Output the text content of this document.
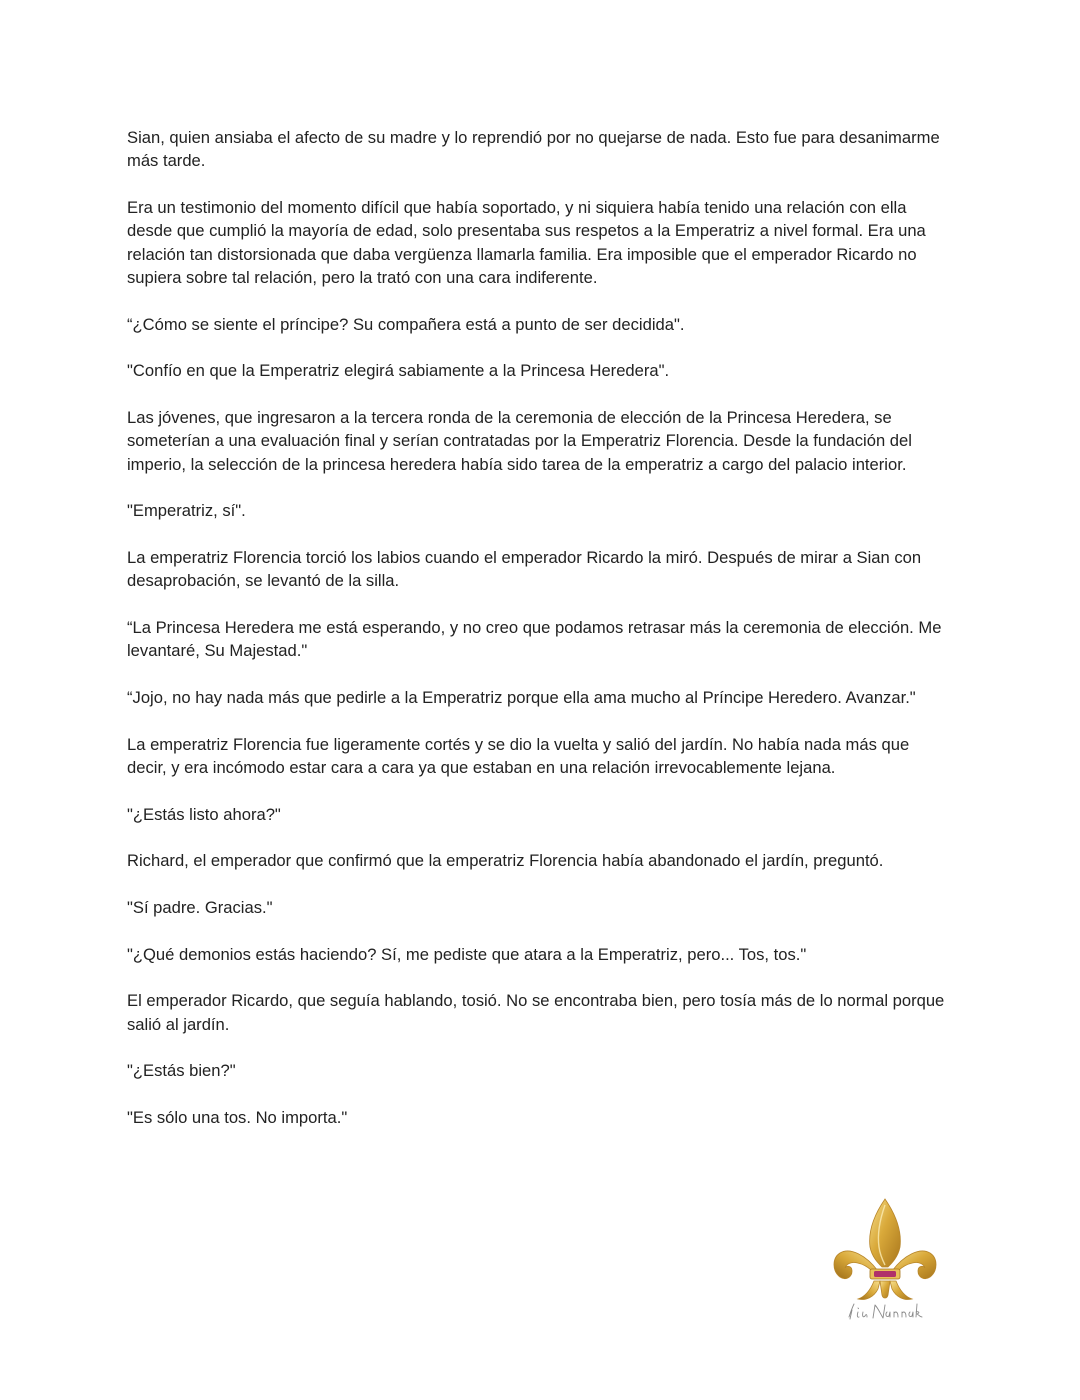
Sian, quien ansiaba el afecto de su madre y lo reprendió por no quejarse de nada. Esto fue para desanimarme más tarde.

Era un testimonio del momento difícil que había soportado, y ni siquiera había tenido una relación con ella desde que cumplió la mayoría de edad, solo presentaba sus respetos a la Emperatriz a nivel formal. Era una relación tan distorsionada que daba vergüenza llamarla familia. Era imposible que el emperador Ricardo no supiera sobre tal relación, pero la trató con una cara indiferente.

“¿Cómo se siente el príncipe? Su compañera está a punto de ser decidida".

"Confío en que la Emperatriz elegirá sabiamente a la Princesa Heredera".

Las jóvenes, que ingresaron a la tercera ronda de la ceremonia de elección de la Princesa Heredera, se someterían a una evaluación final y serían contratadas por la Emperatriz Florencia. Desde la fundación del imperio, la selección de la princesa heredera había sido tarea de la emperatriz a cargo del palacio interior.

"Emperatriz, sí".

La emperatriz Florencia torció los labios cuando el emperador Ricardo la miró. Después de mirar a Sian con desaprobación, se levantó de la silla.

“La Princesa Heredera me está esperando, y no creo que podamos retrasar más la ceremonia de elección. Me levantaré, Su Majestad."

“Jojo, no hay nada más que pedirle a la Emperatriz porque ella ama mucho al Príncipe Heredero. Avanzar."

La emperatriz Florencia fue ligeramente cortés y se dio la vuelta y salió del jardín. No había nada más que decir, y era incómodo estar cara a cara ya que estaban en una relación irrevocablemente lejana.

"¿Estás listo ahora?"

Richard, el emperador que confirmó que la emperatriz Florencia había abandonado el jardín, preguntó.

"Sí padre. Gracias."

"¿Qué demonios estás haciendo? Sí, me pediste que atara a la Emperatriz, pero... Tos, tos."

El emperador Ricardo, que seguía hablando, tosió. No se encontraba bien, pero tosía más de lo normal porque salió al jardín.

"¿Estás bien?"

"Es sólo una tos. No importa."
